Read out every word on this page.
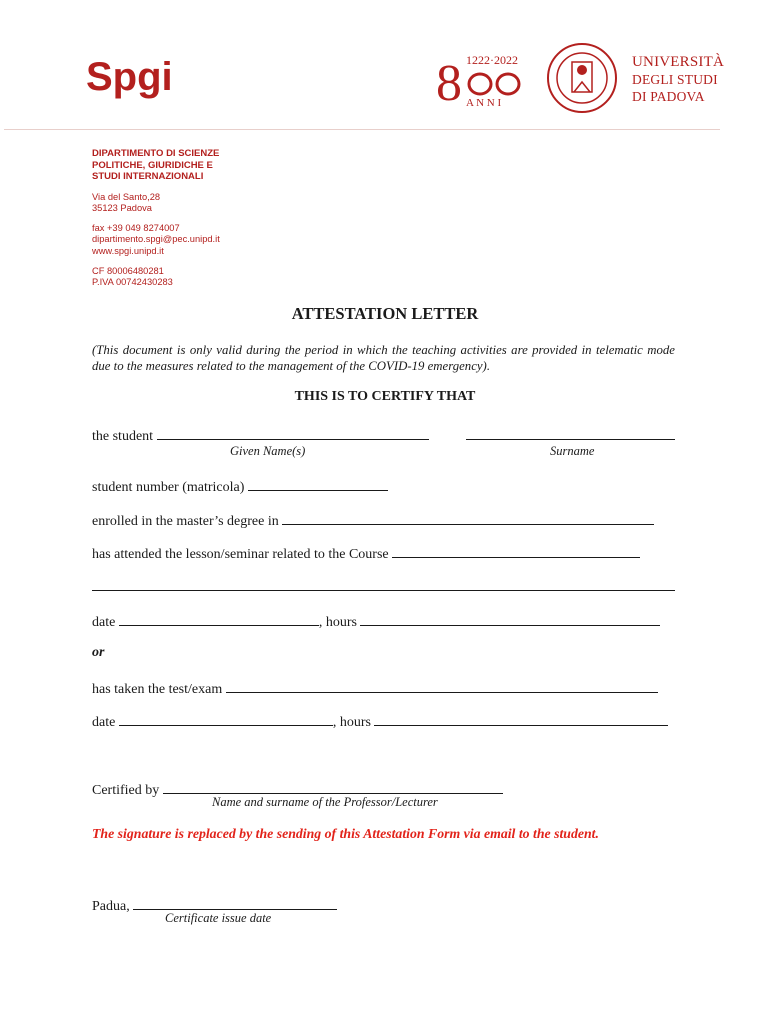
Spgi	8 1222·2022
A N N I
UNIVERSITÀ
DEGLI STUDI
DI PADOVA
DIPARTIMENTO DI SCIENZE
POLITICHE, GIURIDICHE E
STUDI INTERNAZIONALI
Via del Santo,28
35123 Padova
fax +39 049 8274007
dipartimento.spgi@pec.unipd.it
www.spgi.unipd.it
CF 80006480281
P.IVA 00742430283
ATTESTATION LETTER
(This document is only valid during the period in which the teaching activities are provided in telematic mode due to the measures related to the management of the COVID-19 emergency).
THIS IS TO CERTIFY THAT
the student
Given Name(s)	Surname
student number (matricola)
enrolled in the master’s degree in
has attended the lesson/seminar related to the Course
date	, hours
or
has taken the test/exam
date	, hours
Certified by
Name and surname of the Professor/Lecturer
The signature is replaced by the sending of this Attestation Form via email to the student.
Padua,
Certificate issue date
